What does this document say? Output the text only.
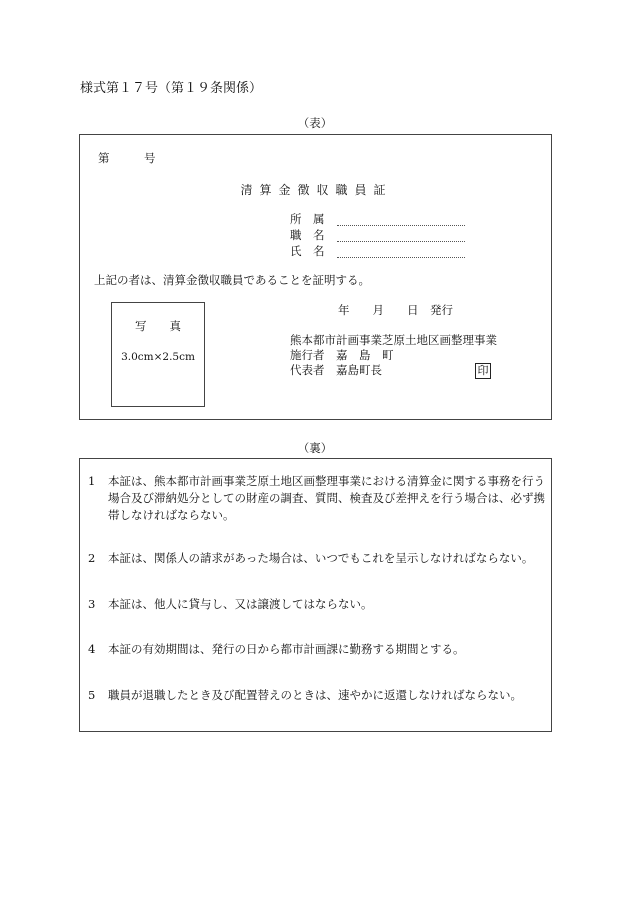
様式第１７号（第１９条関係）
（表）
第　　　号
清算金徴収職員証
所　属
職　名
氏　名
上記の者は、清算金徴収職員であることを証明する。
年　　月　　日　発行
写　　真
3.0cm×2.5cm
熊本都市計画事業芝原土地区画整理事業
施行者　嘉　島　町
代表者　嘉島町長	印
（裏）
1	本証は、熊本都市計画事業芝原土地区画整理事業における清算金に関する事務を行う場合及び滞納処分としての財産の調査、質問、検査及び差押えを行う場合は、必ず携帯しなければならない。
2	本証は、関係人の請求があった場合は、いつでもこれを呈示しなければならない。
3	本証は、他人に貸与し、又は譲渡してはならない。
4	本証の有効期間は、発行の日から都市計画課に勤務する期間とする。
5	職員が退職したとき及び配置替えのときは、速やかに返還しなければならない。
